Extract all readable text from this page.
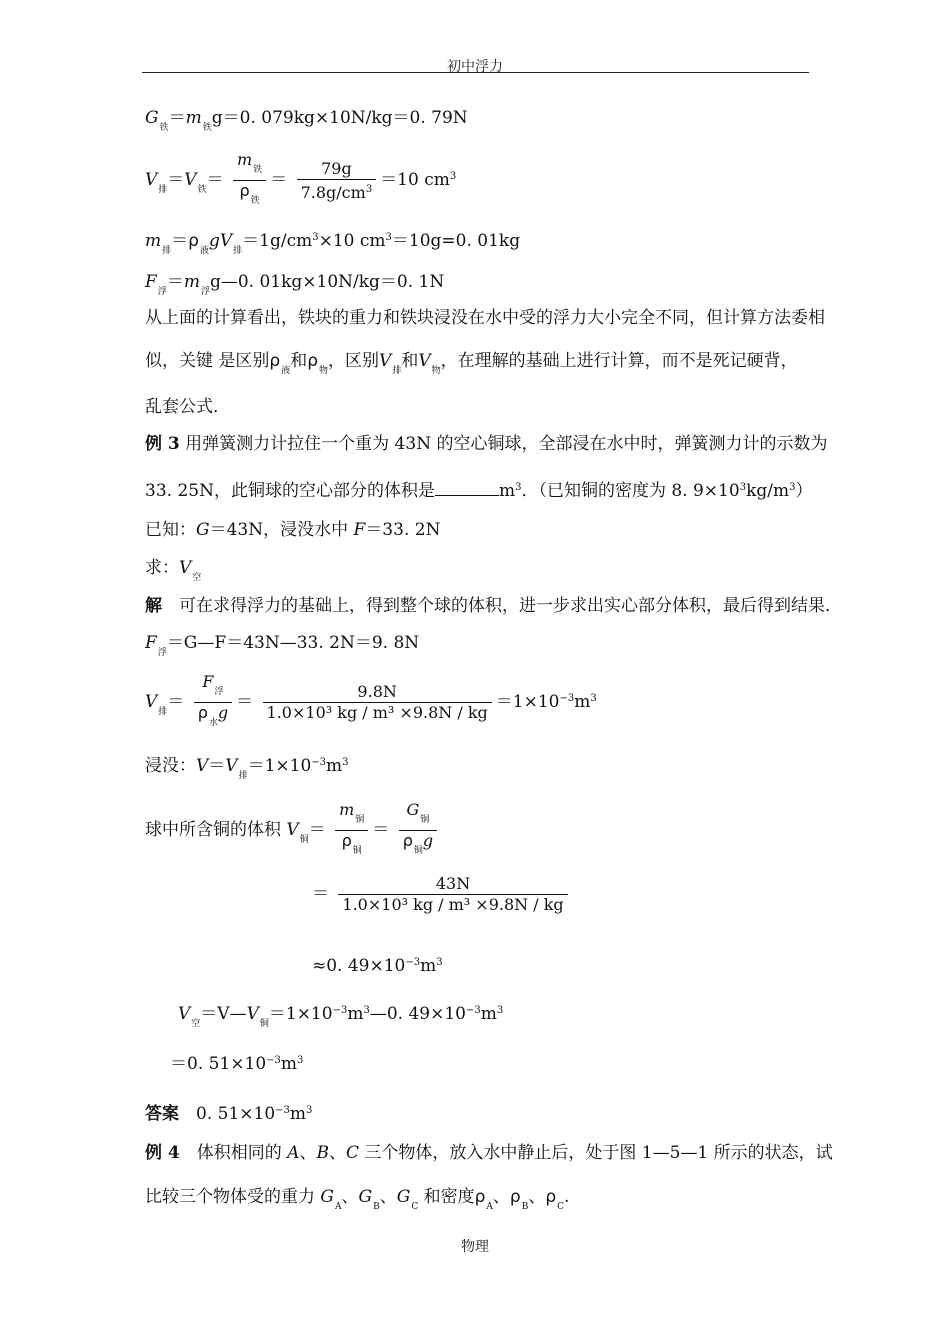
初中浮力
$G_铁=m_铁g=0$. 079kg×10N/kg＝0. 79N
$V_排=V_铁= \frac{m_铁}{\rho_铁} = \frac{79g}{7.8g/cm^3} =10$ $cm^3$
$m_排=\rho_液gV_排=1g/cm^3\times 10$ $cm^3=10g=0$. 01kg
$F_浮=m_浮g—0$. 01kg×10N/kg＝0. 1N
从上面的计算看出，铁块的重力和铁块浸没在水中受的浮力大小完全不同，但计算方法委相
似，关键 是区别$\rho_液$和$\rho_物$，区别$V_排$和$V_物$，在理解的基础上进行计算，而不是死记硬背，
乱套公式．
例 3 用弹簧测力计拉住一个重为 43N 的空心铜球，全部浸在水中时，弹簧测力计的示数为
33. 25N，此铜球的空心部分的体积是	$m^3$．（已知铜的密度为 8. $9\times 10^3kg/m^3$）
已知：G＝43N，浸没水中 F＝33. 2N
求：$V_空$
解　可在求得浮力的基础上，得到整个球的体积，进一步求出实心部分体积，最后得到结果．
$F_浮=G—F=43N—33$. 2N＝9. 8N
$V_排= \frac{F_浮}{\rho_水g} = \frac{9.8N}{\text{1.0×10³ kg / m³ ×9.8N / kg}} =1\times 10^{-3}m^3$
浸没：$V=V_排=1\times 10^{-3}m^3$
球中所含铜的体积 $V_铜= \frac{m_铜}{\rho_铜} = \frac{G_铜}{\rho_铜g}$
＝ $\frac{43N}{\text{1.0×10³ kg / m³ ×9.8N / kg}}$
≈0. $49\times 10^{-3}m^3$
$V_空=V—V_铜=1\times 10^{-3}m^3—0$. $49\times 10^{-3}m^3$
＝0. $51\times 10^{-3}m^3$
答案　0. $51\times 10^{-3}m^3$
例 4　体积相同的 A、B、C 三个物体，放入水中静止后，处于图 1—5—1 所示的状态，试
比较三个物体受的重力 $G_A$、$G_B$、$G_C$ 和密度$\rho_A$、$\rho_B$、$\rho_C$.
物理
